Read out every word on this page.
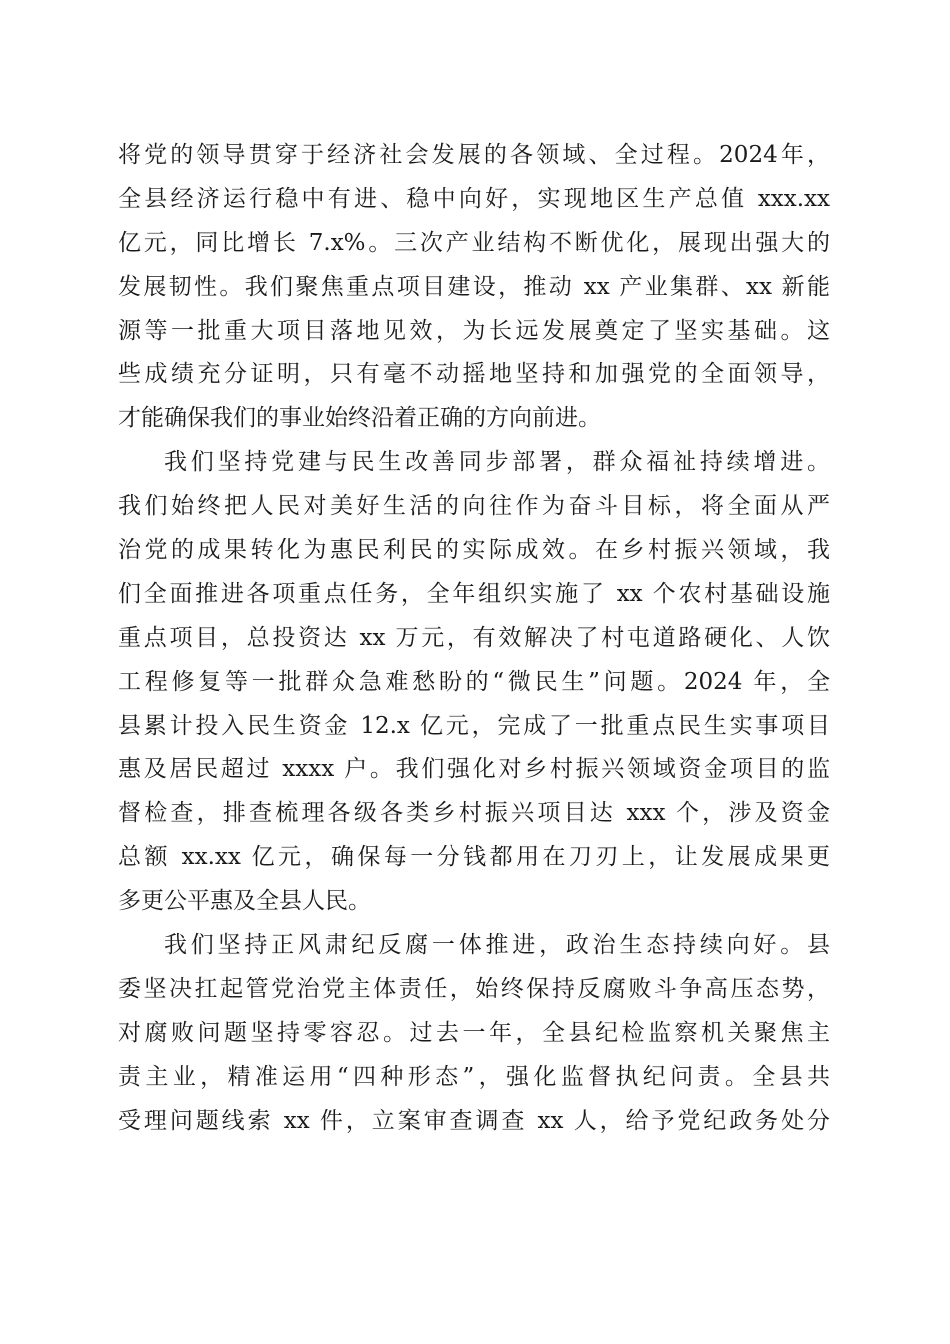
将党的领导贯穿于经济社会发展的各领域、全过程。2024年，
全县经济运行稳中有进、稳中向好，实现地区生产总值 xxx.xx
亿元，同比增长 7.x%。三次产业结构不断优化，展现出强大的
发展韧性。我们聚焦重点项目建设，推动 xx 产业集群、xx 新能
源等一批重大项目落地见效，为长远发展奠定了坚实基础。这
些成绩充分证明，只有毫不动摇地坚持和加强党的全面领导，
才能确保我们的事业始终沿着正确的方向前进。
我们坚持党建与民生改善同步部署，群众福祉持续增进。
我们始终把人民对美好生活的向往作为奋斗目标，将全面从严
治党的成果转化为惠民利民的实际成效。在乡村振兴领域，我
们全面推进各项重点任务，全年组织实施了 xx 个农村基础设施
重点项目，总投资达 xx 万元，有效解决了村屯道路硬化、人饮
工程修复等一批群众急难愁盼的“微民生”问题。2024 年，全
县累计投入民生资金 12.x 亿元，完成了一批重点民生实事项目
惠及居民超过 xxxx 户。我们强化对乡村振兴领域资金项目的监
督检查，排查梳理各级各类乡村振兴项目达 xxx 个，涉及资金
总额 xx.xx 亿元，确保每一分钱都用在刀刃上，让发展成果更
多更公平惠及全县人民。
我们坚持正风肃纪反腐一体推进，政治生态持续向好。县
委坚决扛起管党治党主体责任，始终保持反腐败斗争高压态势，
对腐败问题坚持零容忍。过去一年，全县纪检监察机关聚焦主
责主业，精准运用“四种形态”，强化监督执纪问责。全县共
受理问题线索 xx 件，立案审查调查 xx 人，给予党纪政务处分
